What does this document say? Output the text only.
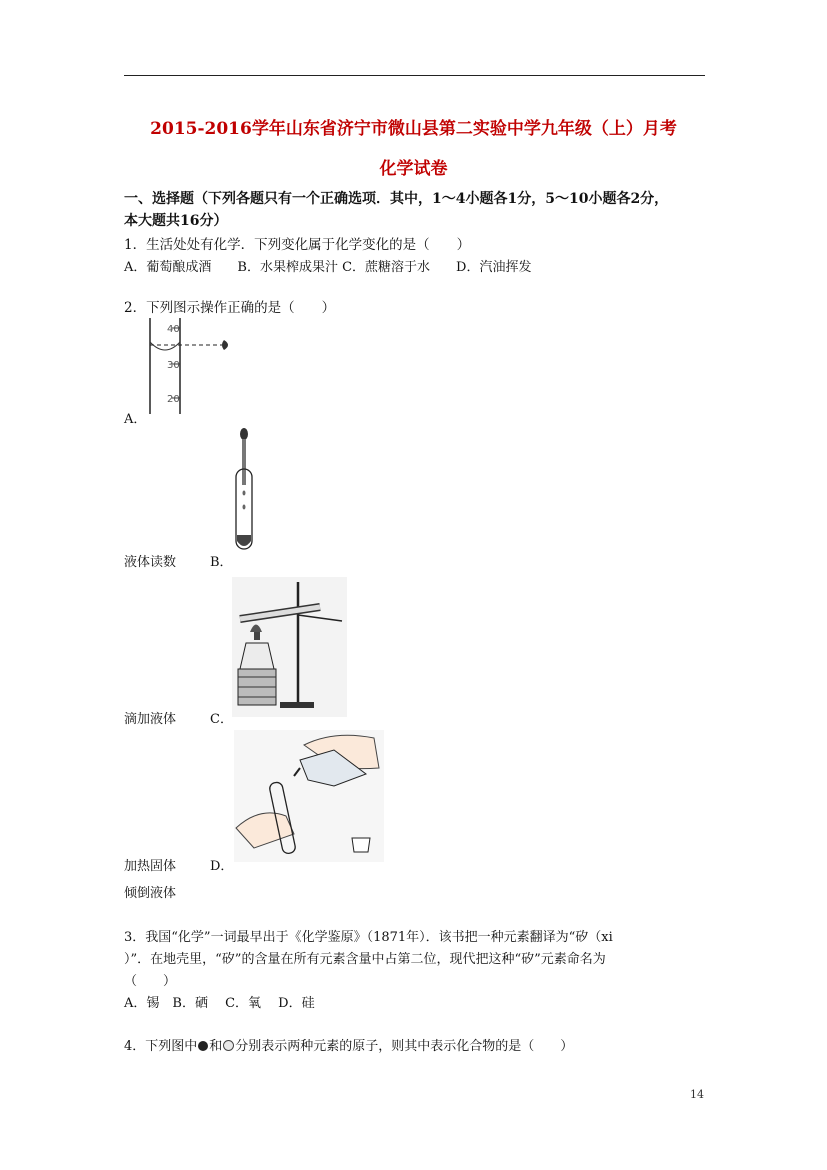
2015-2016学年山东省济宁市微山县第二实验中学九年级（上）月考
化学试卷
一、选择题（下列各题只有一个正确选项．其中，1～4小题各1分，5～10小题各2分，
本大题共16分）
1．生活处处有化学．下列变化属于化学变化的是（　　）
A．葡萄酿成酒　　B．水果榨成果汁 C．蔗糖溶于水　　D．汽油挥发
2．下列图示操作正确的是（　　）
40
30
20
A．
液体读数	B．
滴加液体	C．
加热固体	D．
倾倒液体
3．我国“化学”一词最早出于《化学鉴原》（1871年）．该书把一种元素翻译为“矽（xi
）”．在地壳里，“矽”的含量在所有元素含量中占第二位，现代把这种“矽”元素命名为
（　　）
A．锡　B．硒　 C．氧　 D．硅
4．下列图中 和 分别表示两种元素的原子，则其中表示化合物的是（　　）
14
